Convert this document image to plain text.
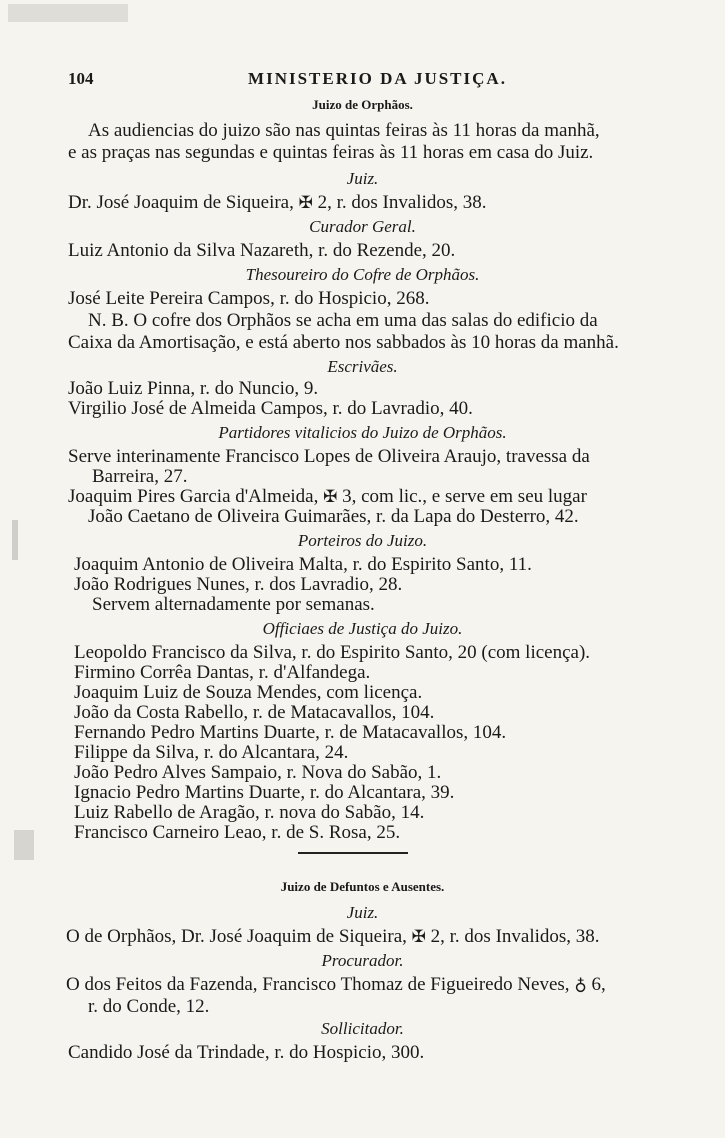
104	MINISTERIO DA JUSTIÇA.
Juizo de Orphãos.
As audiencias do juizo são nas quintas feiras às 11 horas da manhã,
e as praças nas segundas e quintas feiras às 11 horas em casa do Juiz.
Juiz.
Dr. José Joaquim de Siqueira, ✠ 2, r. dos Invalidos, 38.
Curador Geral.
Luiz Antonio da Silva Nazareth, r. do Rezende, 20.
Thesoureiro do Cofre de Orphãos.
José Leite Pereira Campos, r. do Hospicio, 268.
N. B. O cofre dos Orphãos se acha em uma das salas do edificio da
Caixa da Amortisação, e está aberto nos sabbados às 10 horas da manhã.
Escrivães.
João Luiz Pinna, r. do Nuncio, 9.
Virgilio José de Almeida Campos, r. do Lavradio, 40.
Partidores vitalicios do Juizo de Orphãos.
Serve interinamente Francisco Lopes de Oliveira Araujo, travessa da
Barreira, 27.
Joaquim Pires Garcia d'Almeida, ✠ 3, com lic., e serve em seu lugar
João Caetano de Oliveira Guimarães, r. da Lapa do Desterro, 42.
Porteiros do Juizo.
Joaquim Antonio de Oliveira Malta, r. do Espirito Santo, 11.
João Rodrigues Nunes, r. dos Lavradio, 28.
Servem alternadamente por semanas.
Officiaes de Justiça do Juizo.
Leopoldo Francisco da Silva, r. do Espirito Santo, 20 (com licença).
Firmino Corrêa Dantas, r. d'Alfandega.
Joaquim Luiz de Souza Mendes, com licença.
João da Costa Rabello, r. de Matacavallos, 104.
Fernando Pedro Martins Duarte, r. de Matacavallos, 104.
Filippe da Silva, r. do Alcantara, 24.
João Pedro Alves Sampaio, r. Nova do Sabão, 1.
Ignacio Pedro Martins Duarte, r. do Alcantara, 39.
Luiz Rabello de Aragão, r. nova do Sabão, 14.
Francisco Carneiro Leao, r. de S. Rosa, 25.
Juizo de Defuntos e Ausentes.
Juiz.
O de Orphãos, Dr. José Joaquim de Siqueira, ✠ 2, r. dos Invalidos, 38.
Procurador.
O dos Feitos da Fazenda, Francisco Thomaz de Figueiredo Neves, ♁ 6,
r. do Conde, 12.
Sollicitador.
Candido José da Trindade, r. do Hospicio, 300.
